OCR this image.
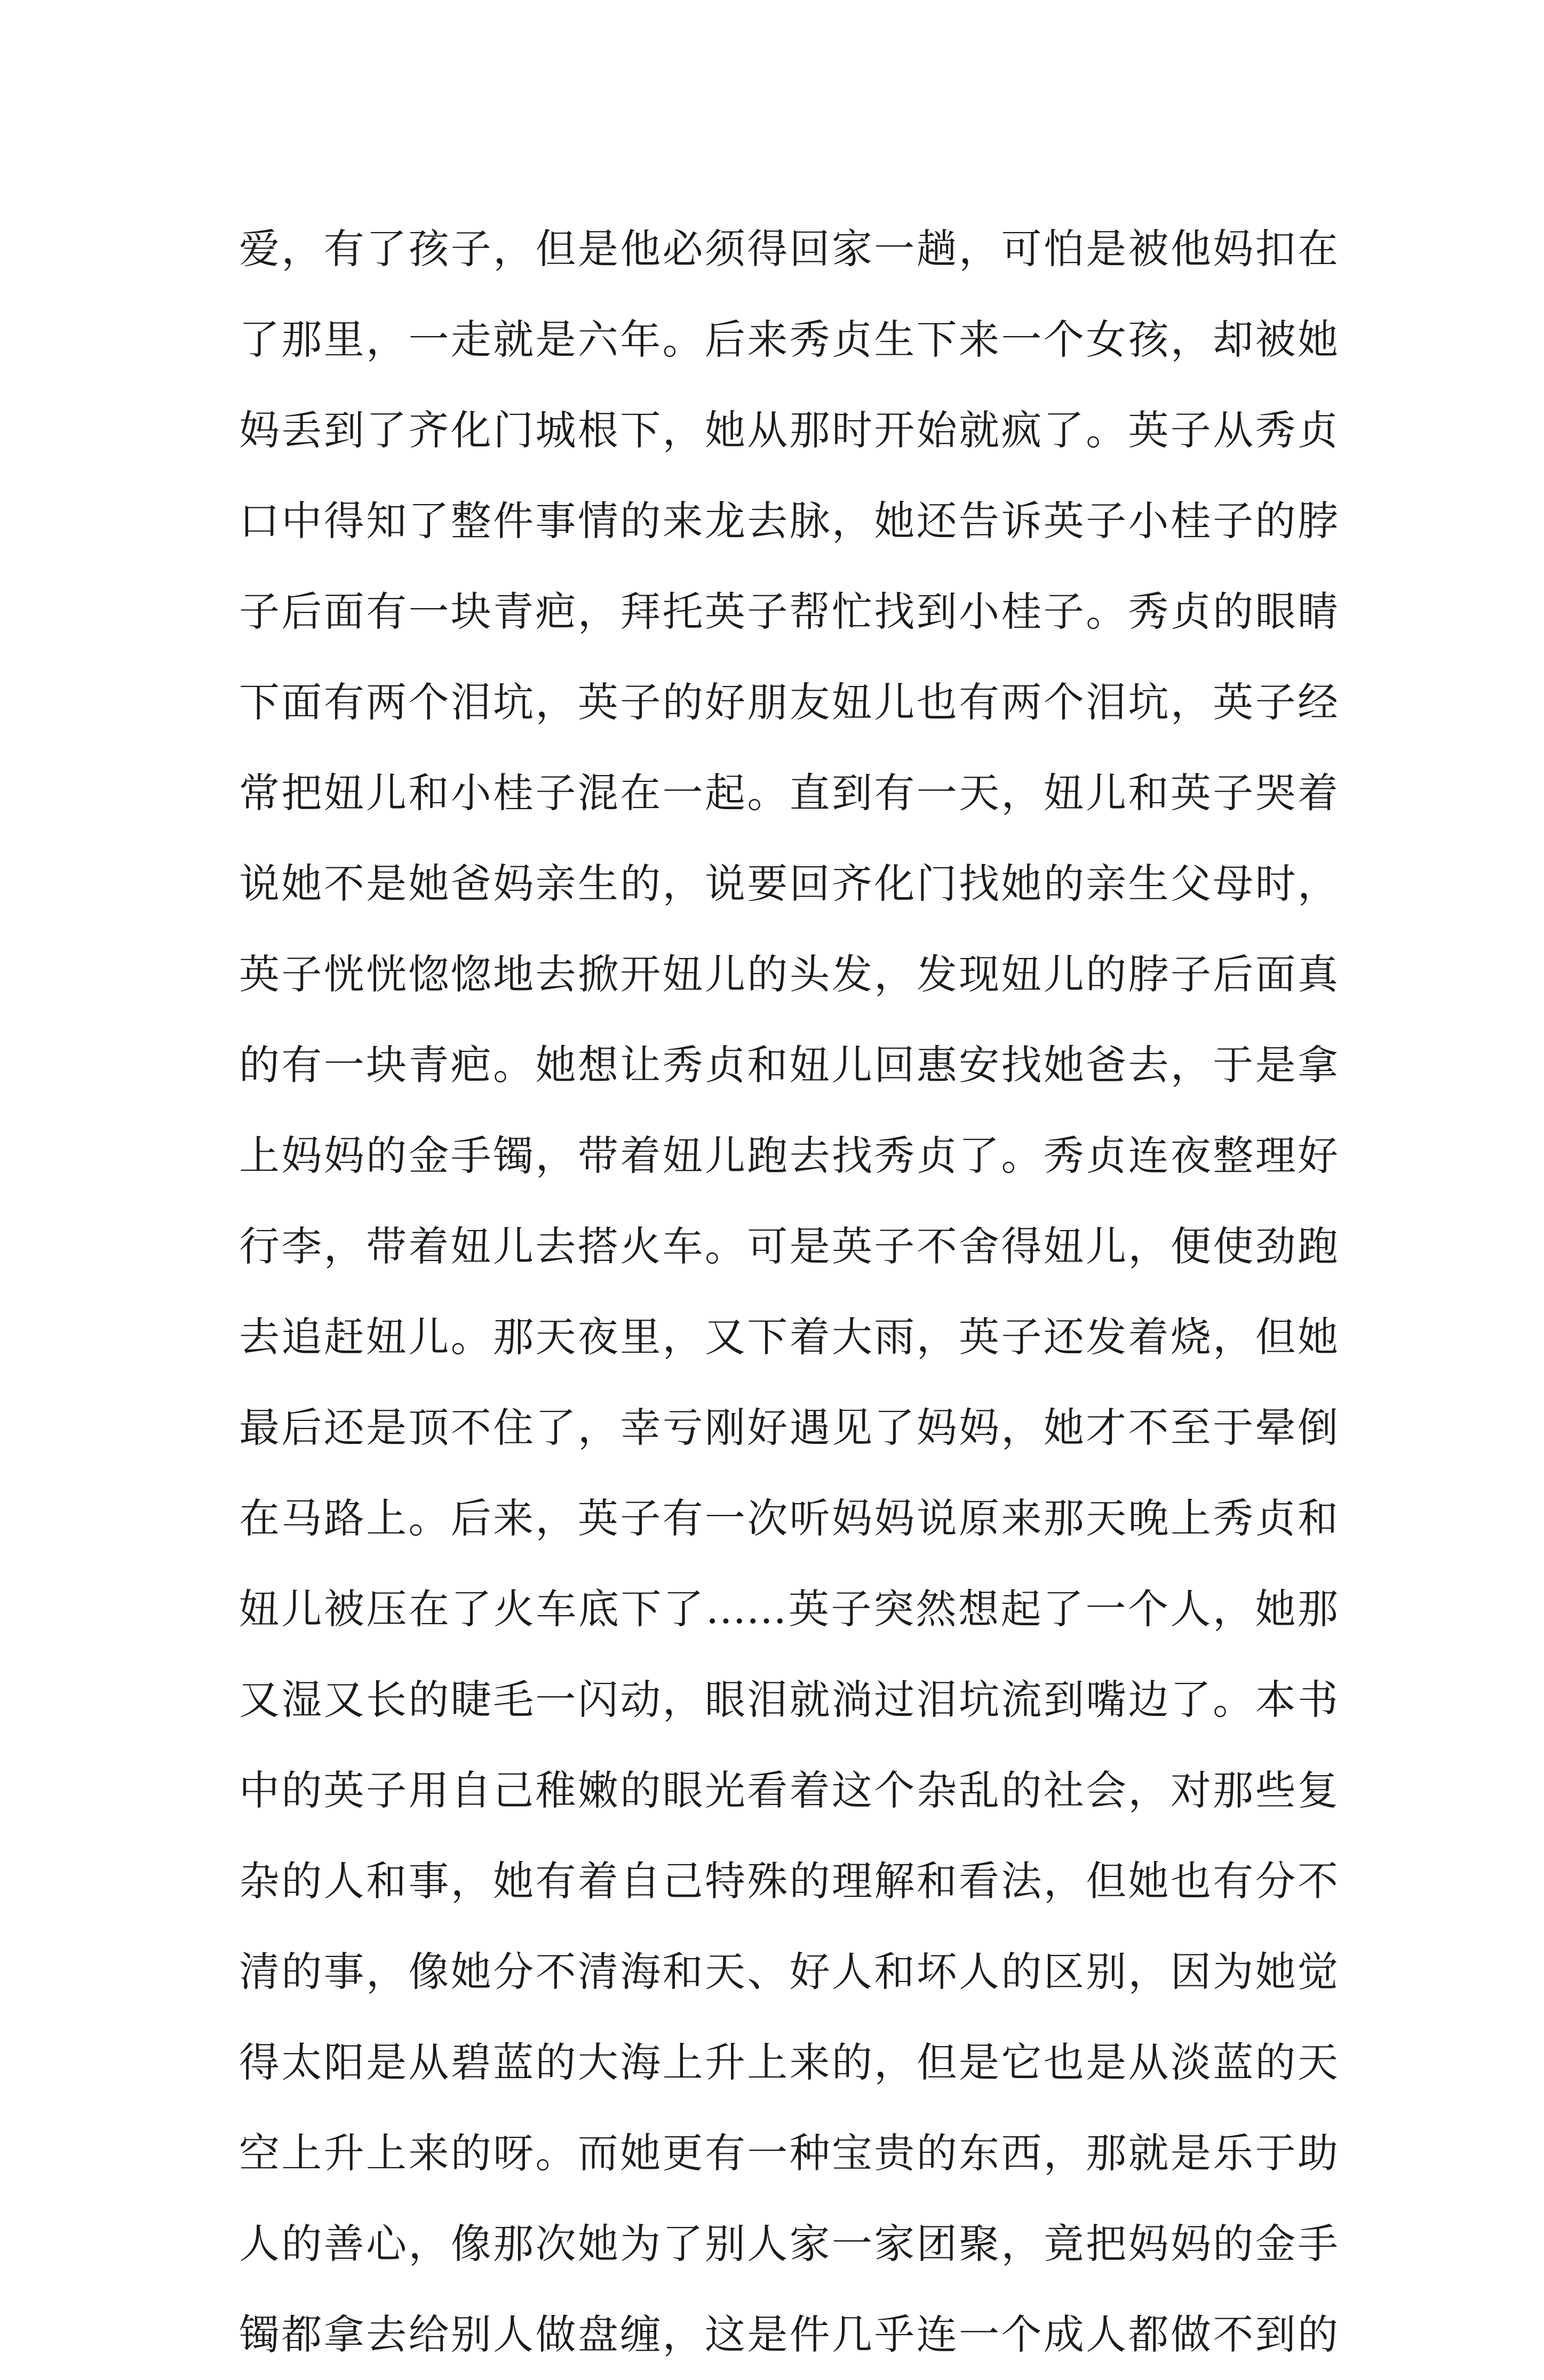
爱，有了孩子，但是他必须得回家一趟，可怕是被他妈扣在
了那里，一走就是六年。后来秀贞生下来一个女孩，却被她
妈丢到了齐化门城根下，她从那时开始就疯了。英子从秀贞
口中得知了整件事情的来龙去脉，她还告诉英子小桂子的脖
子后面有一块青疤，拜托英子帮忙找到小桂子。秀贞的眼睛
下面有两个泪坑，英子的好朋友妞儿也有两个泪坑，英子经
常把妞儿和小桂子混在一起。直到有一天，妞儿和英子哭着
说她不是她爸妈亲生的，说要回齐化门找她的亲生父母时，
英子恍恍惚惚地去掀开妞儿的头发，发现妞儿的脖子后面真
的有一块青疤。她想让秀贞和妞儿回惠安找她爸去，于是拿
上妈妈的金手镯，带着妞儿跑去找秀贞了。秀贞连夜整理好
行李，带着妞儿去搭火车。可是英子不舍得妞儿，便使劲跑
去追赶妞儿。那天夜里，又下着大雨，英子还发着烧，但她
最后还是顶不住了，幸亏刚好遇见了妈妈，她才不至于晕倒
在马路上。后来，英子有一次听妈妈说原来那天晚上秀贞和
妞儿被压在了火车底下了……英子突然想起了一个人，她那
又湿又长的睫毛一闪动，眼泪就淌过泪坑流到嘴边了。本书
中的英子用自己稚嫩的眼光看着这个杂乱的社会，对那些复
杂的人和事，她有着自己特殊的理解和看法，但她也有分不
清的事，像她分不清海和天、好人和坏人的区别，因为她觉
得太阳是从碧蓝的大海上升上来的，但是它也是从淡蓝的天
空上升上来的呀。而她更有一种宝贵的东西，那就是乐于助
人的善心，像那次她为了别人家一家团聚，竟把妈妈的金手
镯都拿去给别人做盘缠，这是件几乎连一个成人都做不到的
